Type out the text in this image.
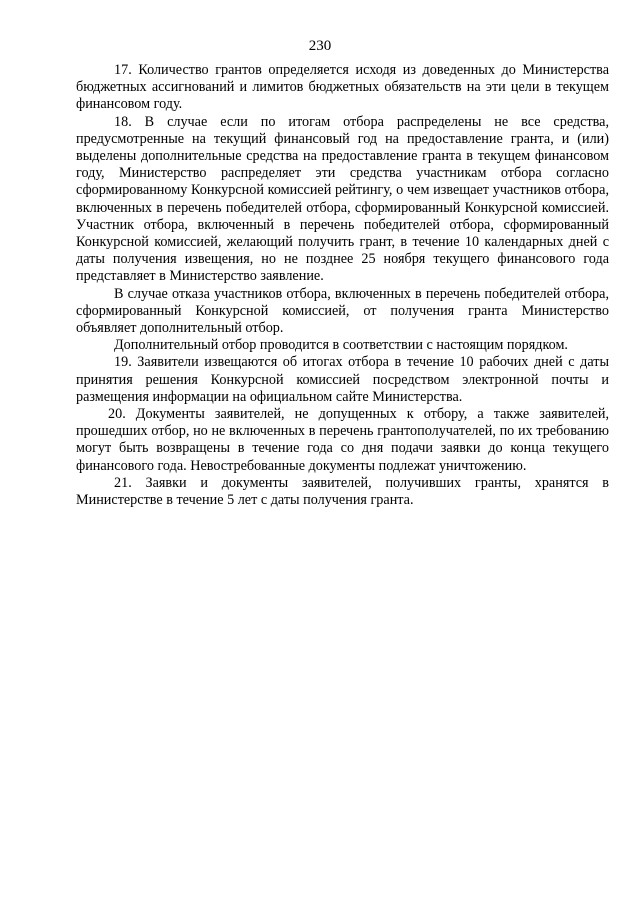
230

17. Количество грантов определяется исходя из доведенных до Министерства бюджетных ассигнований и лимитов бюджетных обязательств на эти цели в текущем финансовом году.

18. В случае если по итогам отбора распределены не все средства, предусмотренные на текущий финансовый год на предоставление гранта, и (или) выделены дополнительные средства на предоставление гранта в текущем финансовом году, Министерство распределяет эти средства участникам отбора согласно сформированному Конкурсной комиссией рейтингу, о чем извещает участников отбора, включенных в перечень победителей отбора, сформированный Конкурсной комиссией. Участник отбора, включенный в перечень победителей отбора, сформированный Конкурсной комиссией, желающий получить грант, в течение 10 календарных дней с даты получения извещения, но не позднее 25 ноября текущего финансового года представляет в Министерство заявление.

В случае отказа участников отбора, включенных в перечень победителей отбора, сформированный Конкурсной комиссией, от получения гранта Министерство объявляет дополнительный отбор.

Дополнительный отбор проводится в соответствии с настоящим порядком.

19. Заявители извещаются об итогах отбора в течение 10 рабочих дней с даты принятия решения Конкурсной комиссией посредством электронной почты и размещения информации на официальном сайте Министерства.

20. Документы заявителей, не допущенных к отбору, а также заявителей, прошедших отбор, но не включенных в перечень грантополучателей, по их требованию могут быть возвращены в течение года со дня подачи заявки до конца текущего финансового года. Невостребованные документы подлежат уничтожению.

21. Заявки и документы заявителей, получивших гранты, хранятся в Министерстве в течение 5 лет с даты получения гранта.
